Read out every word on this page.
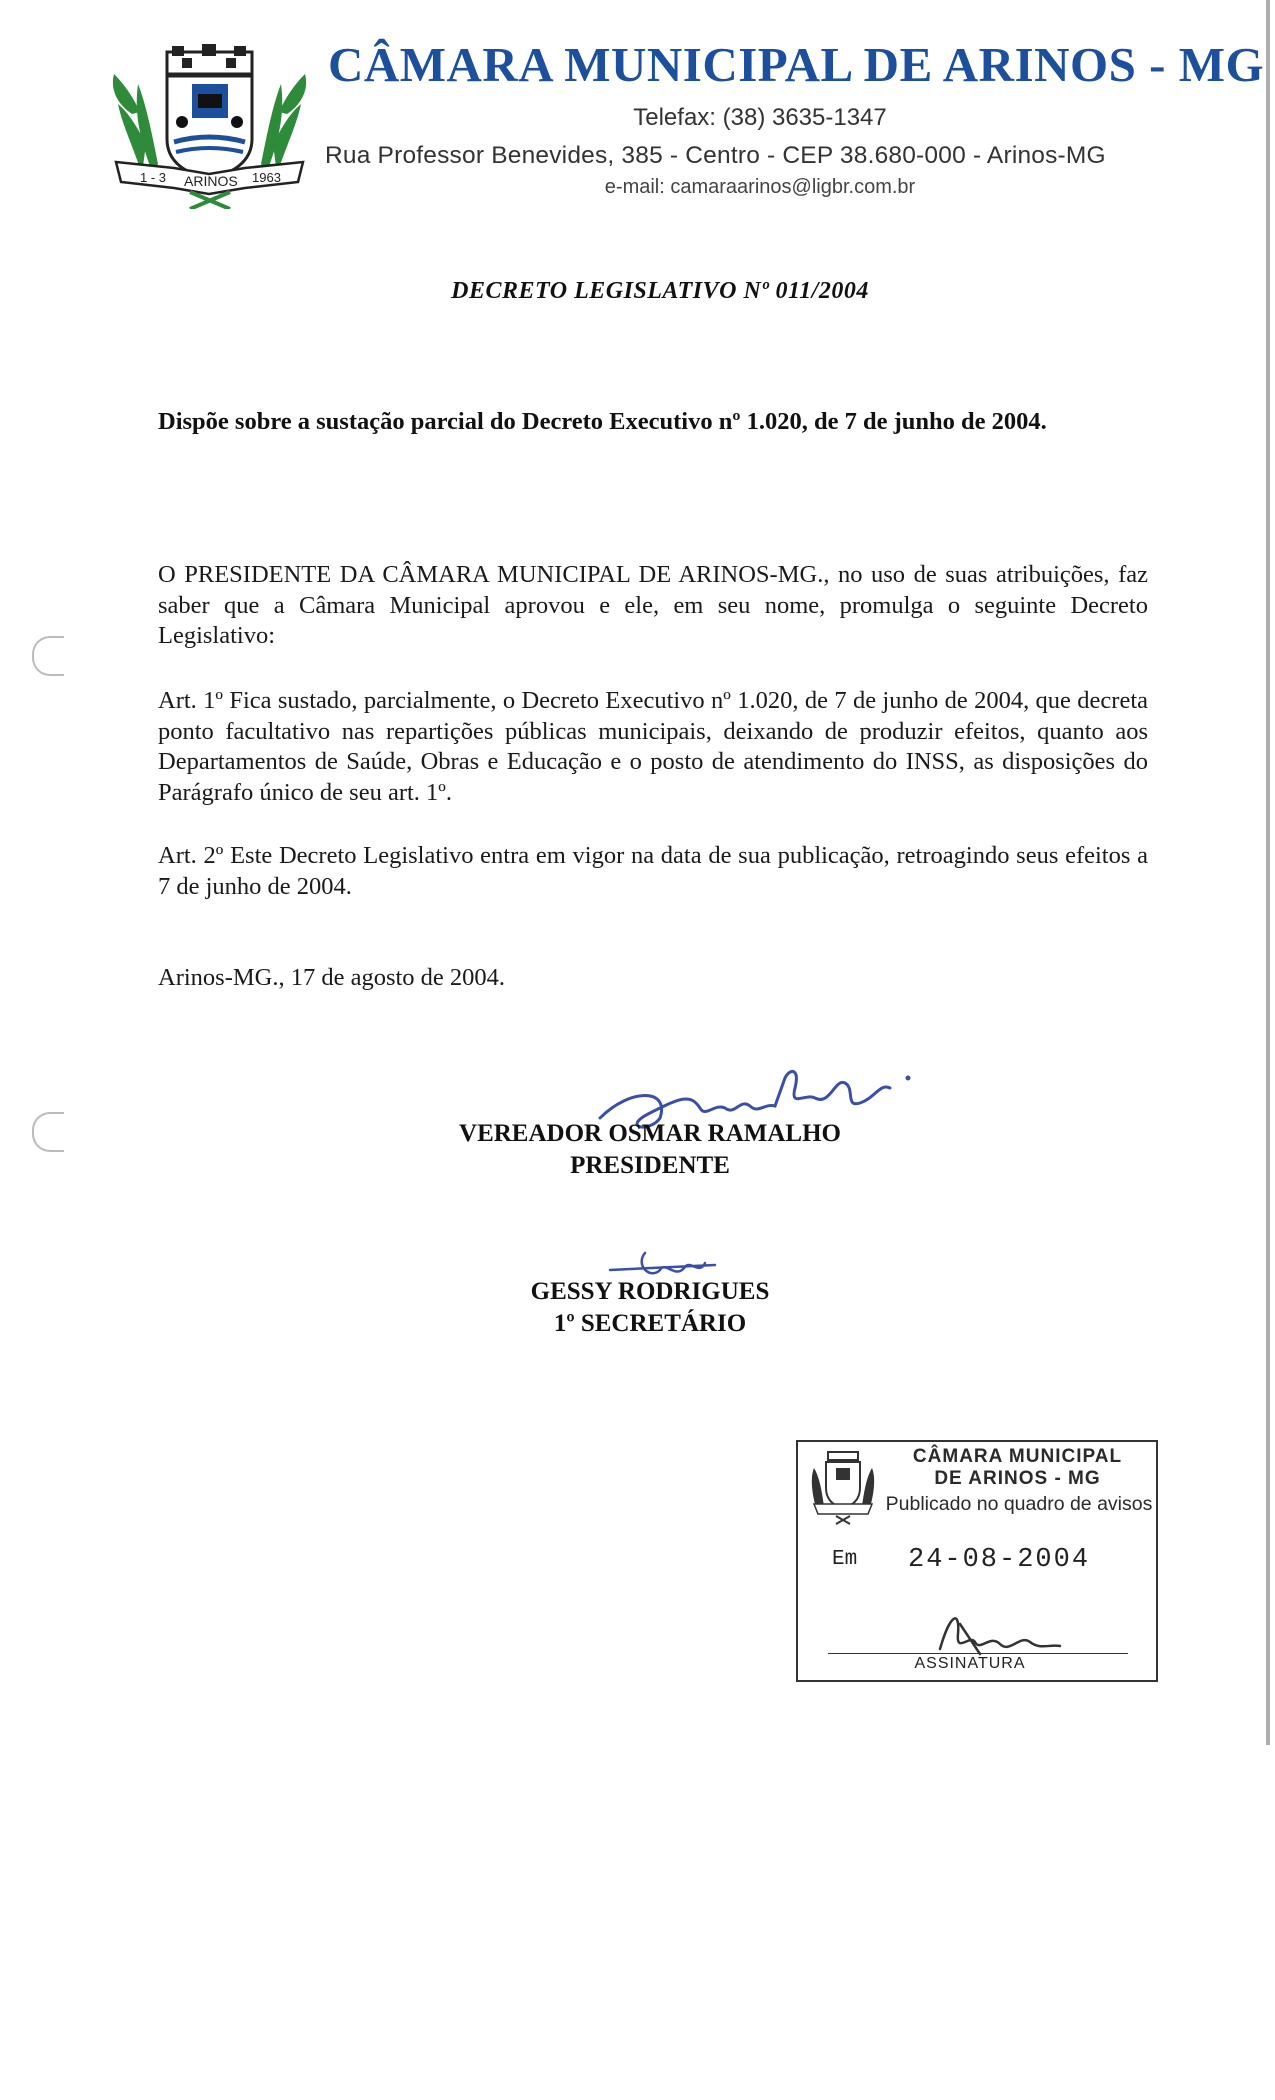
1 - 3 ARINOS 1963
CÂMARA MUNICIPAL DE ARINOS - MG
Telefax: (38) 3635-1347
Rua Professor Benevides, 385 - Centro - CEP 38.680-000 - Arinos-MG
e-mail: camaraarinos@ligbr.com.br
DECRETO LEGISLATIVO Nº 011/2004
Dispõe sobre a sustação parcial do Decreto Executivo nº 1.020, de 7 de junho de 2004.
O PRESIDENTE DA CÂMARA MUNICIPAL DE ARINOS-MG., no uso de suas atribuições, faz saber que a Câmara Municipal aprovou e ele, em seu nome, promulga o seguinte Decreto Legislativo:
Art. 1º Fica sustado, parcialmente, o Decreto Executivo nº 1.020, de 7 de junho de 2004, que decreta ponto facultativo nas repartições públicas municipais, deixando de produzir efeitos, quanto aos Departamentos de Saúde, Obras e Educação e o posto de atendimento do INSS, as disposições do Parágrafo único de seu art. 1º.
Art. 2º Este Decreto Legislativo entra em vigor na data de sua publicação, retroagindo seus efeitos a 7 de junho de 2004.
Arinos-MG., 17 de agosto de 2004.
VEREADOR OSMAR RAMALHO
PRESIDENTE
GESSY RODRIGUES
1º SECRETÁRIO
CÂMARA MUNICIPAL
DE ARINOS - MG
Publicado no quadro de avisos
Em 24-08-2004
ASSINATURA
